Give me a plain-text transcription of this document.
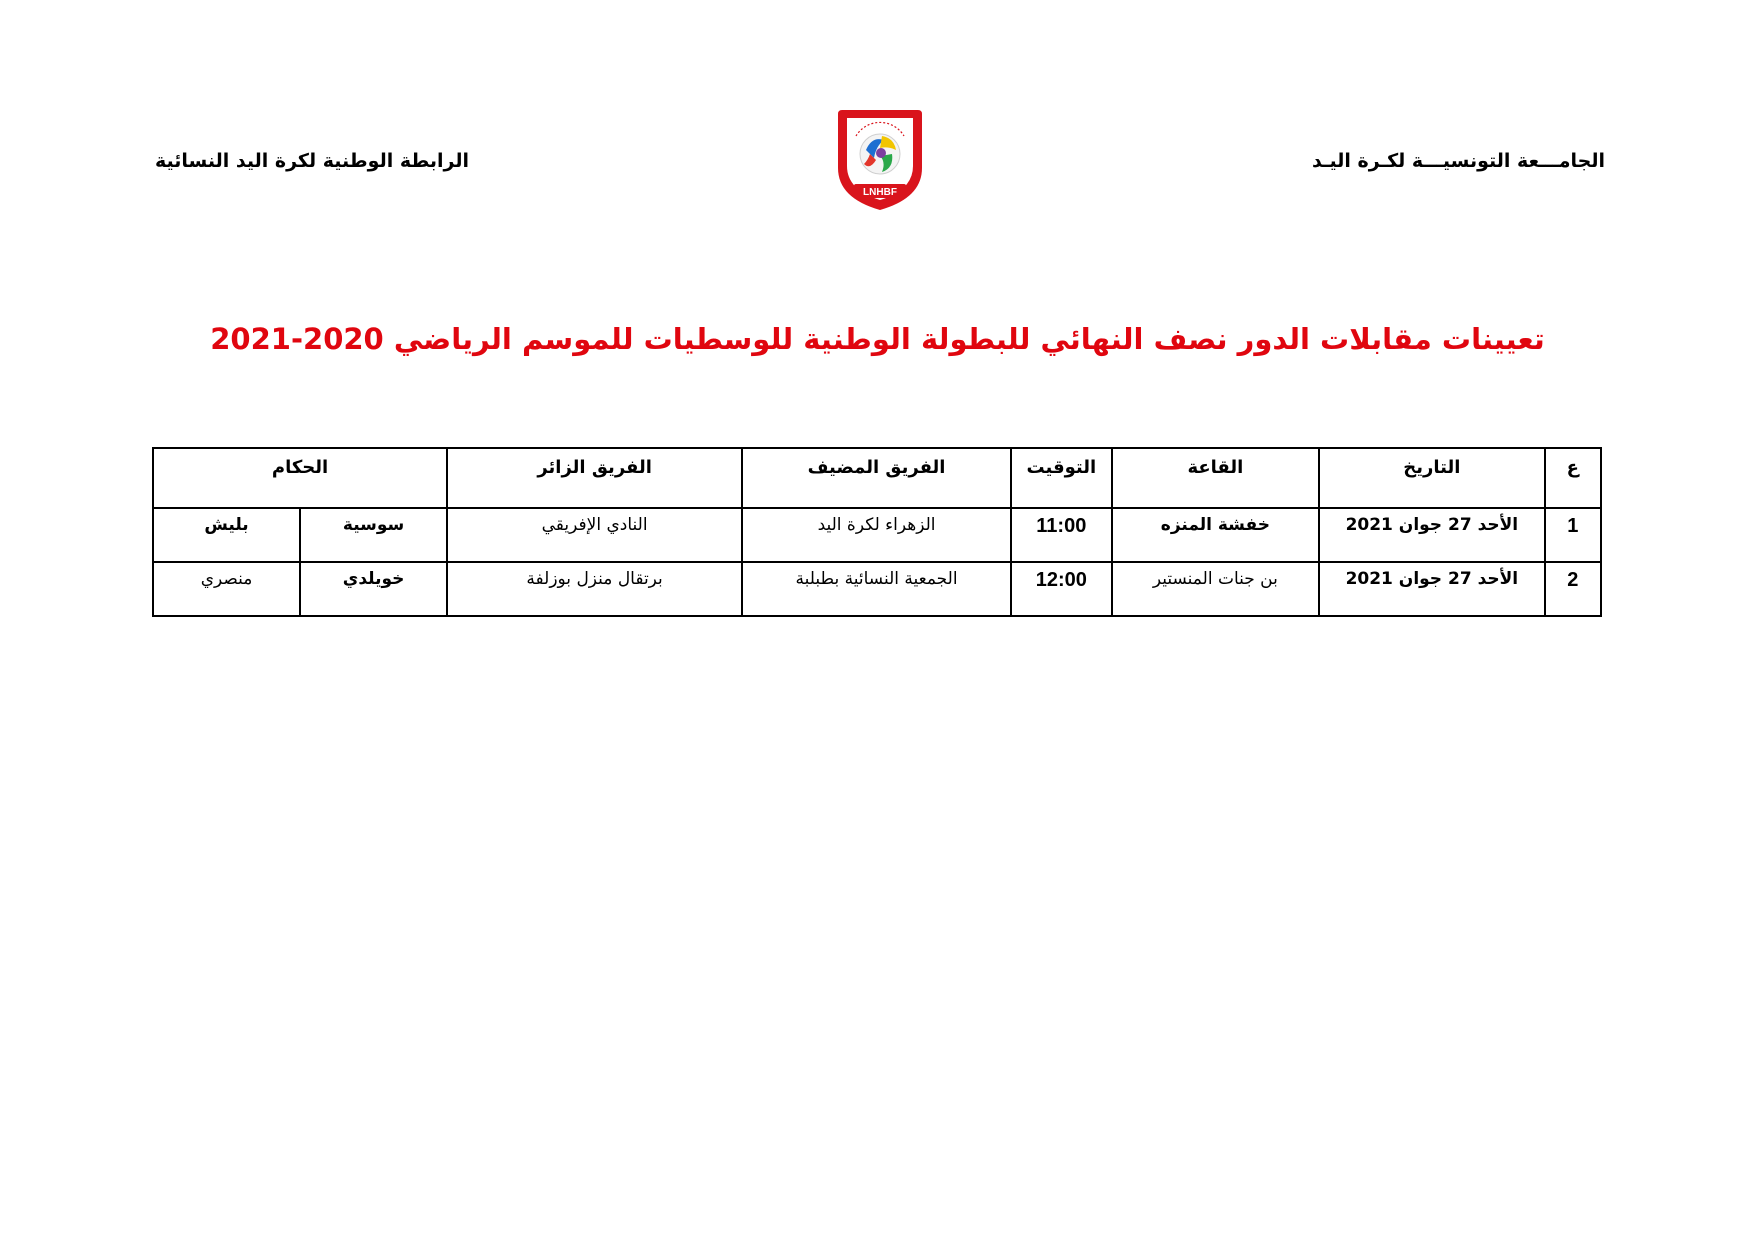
الجامـــعة التونسيـــة لكـرة اليـد
LNHBF
الرابطة الوطنية لكرة اليد النسائية
تعيينات مقابلات الدور نصف النهائي للبطولة الوطنية للوسطيات للموسم الرياضي 2020-2021
ع	التاريخ	القاعة	التوقيت	الفريق المضيف	الفريق الزائر	الحكام	
1	الأحد 27 جوان 2021	خفشة المنزه	11:00	الزهراء لكرة اليد	النادي الإفريقي	سوسية	بليش
2	الأحد 27 جوان 2021	بن جنات المنستير	12:00	الجمعية النسائية بطبلبة	برتقال منزل بوزلفة	خويلدي	منصري
